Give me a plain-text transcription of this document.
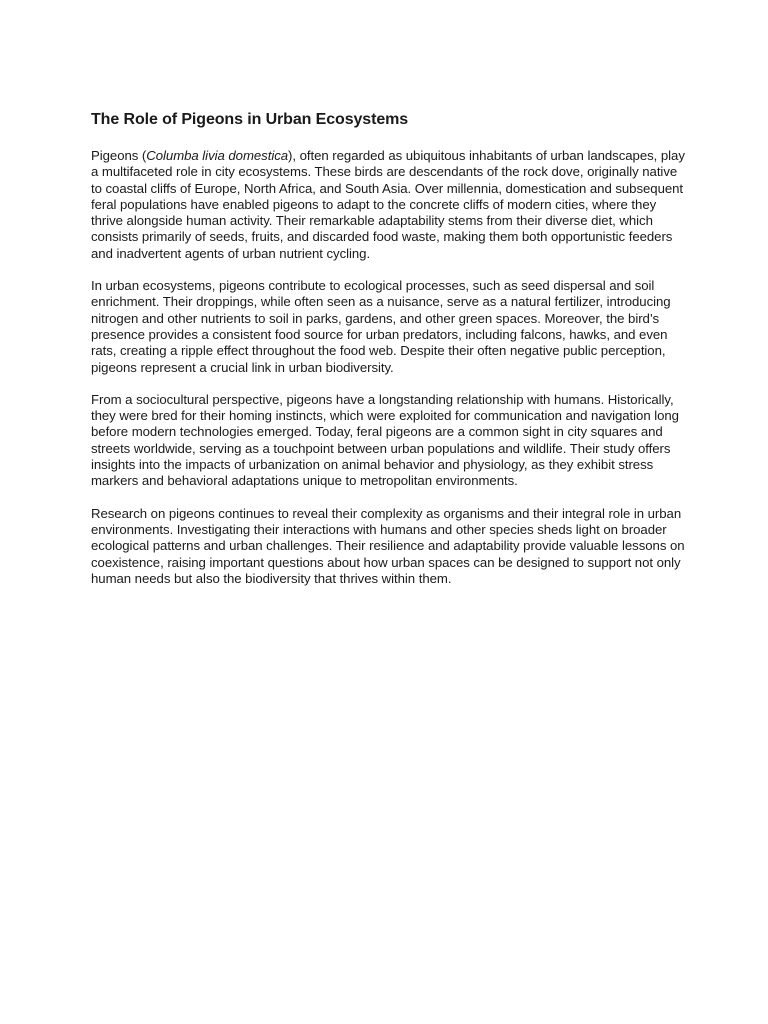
The Role of Pigeons in Urban Ecosystems

Pigeons (Columba livia domestica), often regarded as ubiquitous inhabitants of urban landscapes, play a multifaceted role in city ecosystems. These birds are descendants of the rock dove, originally native to coastal cliffs of Europe, North Africa, and South Asia. Over millennia, domestication and subsequent feral populations have enabled pigeons to adapt to the concrete cliffs of modern cities, where they thrive alongside human activity. Their remarkable adaptability stems from their diverse diet, which consists primarily of seeds, fruits, and discarded food waste, making them both opportunistic feeders and inadvertent agents of urban nutrient cycling.

In urban ecosystems, pigeons contribute to ecological processes, such as seed dispersal and soil enrichment. Their droppings, while often seen as a nuisance, serve as a natural fertilizer, introducing nitrogen and other nutrients to soil in parks, gardens, and other green spaces. Moreover, the bird’s presence provides a consistent food source for urban predators, including falcons, hawks, and even rats, creating a ripple effect throughout the food web. Despite their often negative public perception, pigeons represent a crucial link in urban biodiversity.

From a sociocultural perspective, pigeons have a longstanding relationship with humans. Historically, they were bred for their homing instincts, which were exploited for communication and navigation long before modern technologies emerged. Today, feral pigeons are a common sight in city squares and streets worldwide, serving as a touchpoint between urban populations and wildlife. Their study offers insights into the impacts of urbanization on animal behavior and physiology, as they exhibit stress markers and behavioral adaptations unique to metropolitan environments.

Research on pigeons continues to reveal their complexity as organisms and their integral role in urban environments. Investigating their interactions with humans and other species sheds light on broader ecological patterns and urban challenges. Their resilience and adaptability provide valuable lessons on coexistence, raising important questions about how urban spaces can be designed to support not only human needs but also the biodiversity that thrives within them.
